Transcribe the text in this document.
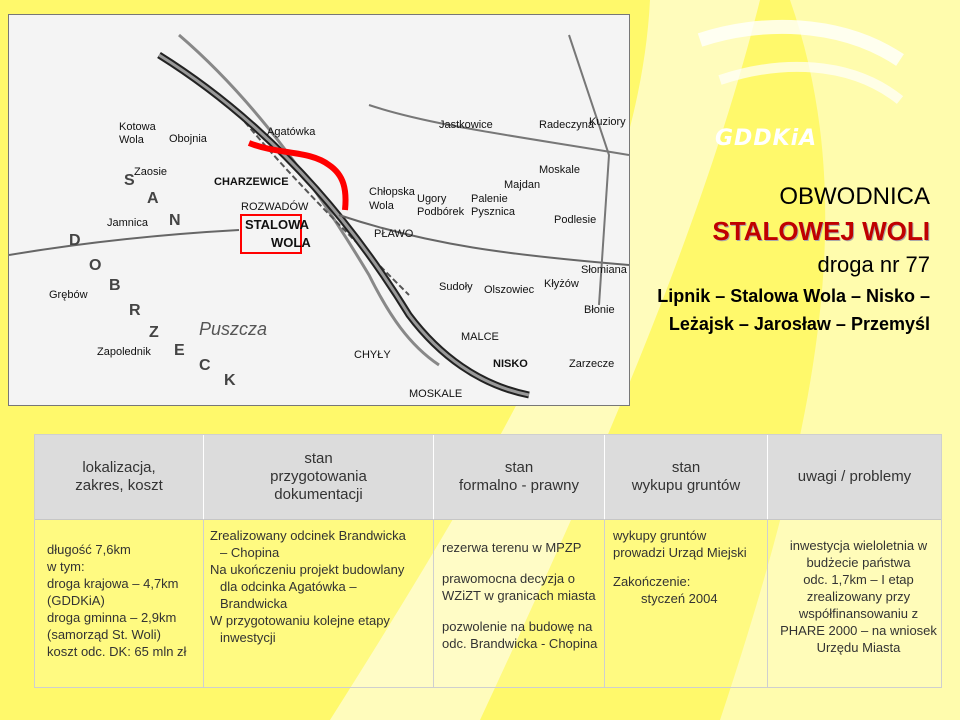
GDDKiA
S
A
N
D
O
B
R
Z
E
C
K
Kotowa
Wola Obojnia
Zaosie
Agatówka
Jastkowice	Radeczyna
Kuziory
CHARZEWICE
ROZWADÓW
STALOWA
WOLA
Chłopska
Wola
Ugory
Podbórek
Palenie
Pysznica
Majdan
Moskale
Podlesie
Jamnica
PŁAWO
Słomiana
Kłyżów
Grębów
Sudoły Olszowiec
Błonie
Puszcza
Zapolednik
MALCE
NISKO	Zarzecze
CHYŁY
MOSKALE

OBWODNICA

STALOWEJ WOLI

droga nr 77

Lipnik – Stalowa Wola – Nisko –

Leżajsk – Jarosław – Przemyśl

lokalizacja,
zakres, koszt
stan
przygotowania
dokumentacji
stan
formalno - prawny
stan
wykupu gruntów
uwagi / problemy

długość 7,6km

w tym:

droga krajowa – 4,7km

(GDDKiA)

droga gminna – 2,9km

(samorząd St. Woli)

koszt odc. DK: 65 mln zł

Zrealizowany odcinek Brandwicka

– Chopina

Na ukończeniu projekt budowlany

dla odcinka Agatówka –

Brandwicka

W przygotowaniu kolejne etapy

inwestycji

rezerwa terenu w MPZP

prawomocna decyzja o

WZiZT w granicach miasta

pozwolenie na budowę na

odc. Brandwicka - Chopina

wykupy gruntów

prowadzi Urząd Miejski

Zakończenie:

styczeń 2004

inwestycja wieloletnia w

budżecie państwa

odc. 1,7km – I etap

zrealizowany przy

współfinansowaniu z

PHARE 2000 – na wniosek

Urzędu Miasta
